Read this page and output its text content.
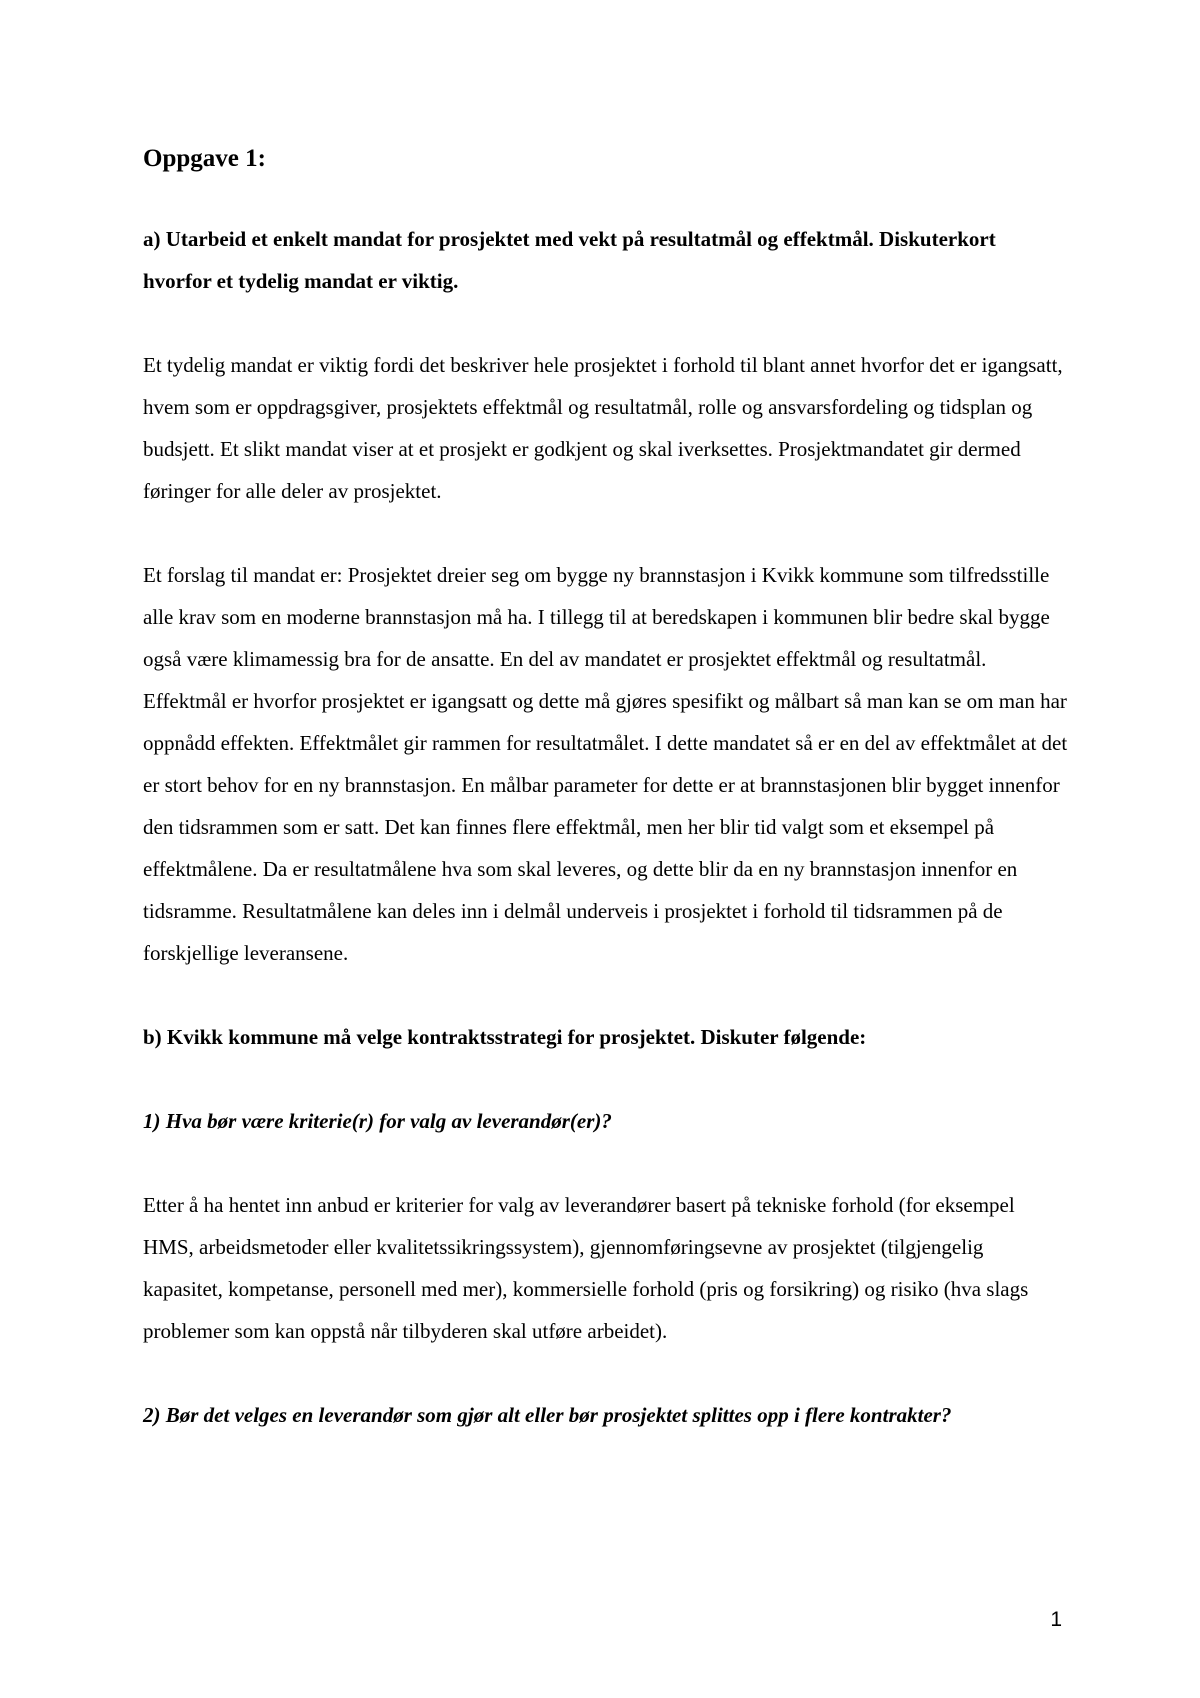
Oppgave 1:
a) Utarbeid et enkelt mandat for prosjektet med vekt på resultatmål og effektmål. Diskuterkort hvorfor et tydelig mandat er viktig.
Et tydelig mandat er viktig fordi det beskriver hele prosjektet i forhold til blant annet hvorfor det er igangsatt, hvem som er oppdragsgiver, prosjektets effektmål og resultatmål, rolle og ansvarsfordeling og tidsplan og budsjett. Et slikt mandat viser at et prosjekt er godkjent og skal iverksettes. Prosjektmandatet gir dermed føringer for alle deler av prosjektet.
Et forslag til mandat er: Prosjektet dreier seg om bygge ny brannstasjon i Kvikk kommune som tilfredsstille alle krav som en moderne brannstasjon må ha. I tillegg til at beredskapen i kommunen blir bedre skal bygge også være klimamessig bra for de ansatte. En del av mandatet er prosjektet effektmål og resultatmål. Effektmål er hvorfor prosjektet er igangsatt og dette må gjøres spesifikt og målbart så man kan se om man har oppnådd effekten. Effektmålet gir rammen for resultatmålet. I dette mandatet så er en del av effektmålet at det er stort behov for en ny brannstasjon. En målbar parameter for dette er at brannstasjonen blir bygget innenfor den tidsrammen som er satt. Det kan finnes flere effektmål, men her blir tid valgt som et eksempel på effektmålene. Da er resultatmålene hva som skal leveres, og dette blir da en ny brannstasjon innenfor en tidsramme. Resultatmålene kan deles inn i delmål underveis i prosjektet i forhold til tidsrammen på de forskjellige leveransene.
b) Kvikk kommune må velge kontraktsstrategi for prosjektet. Diskuter følgende:
1) Hva bør være kriterie(r) for valg av leverandør(er)?
Etter å ha hentet inn anbud er kriterier for valg av leverandører basert på tekniske forhold (for eksempel HMS, arbeidsmetoder eller kvalitetssikringssystem), gjennomføringsevne av prosjektet (tilgjengelig kapasitet, kompetanse, personell med mer), kommersielle forhold (pris og forsikring) og risiko (hva slags problemer som kan oppstå når tilbyderen skal utføre arbeidet).
2) Bør det velges en leverandør som gjør alt eller bør prosjektet splittes opp i flere kontrakter?
1
